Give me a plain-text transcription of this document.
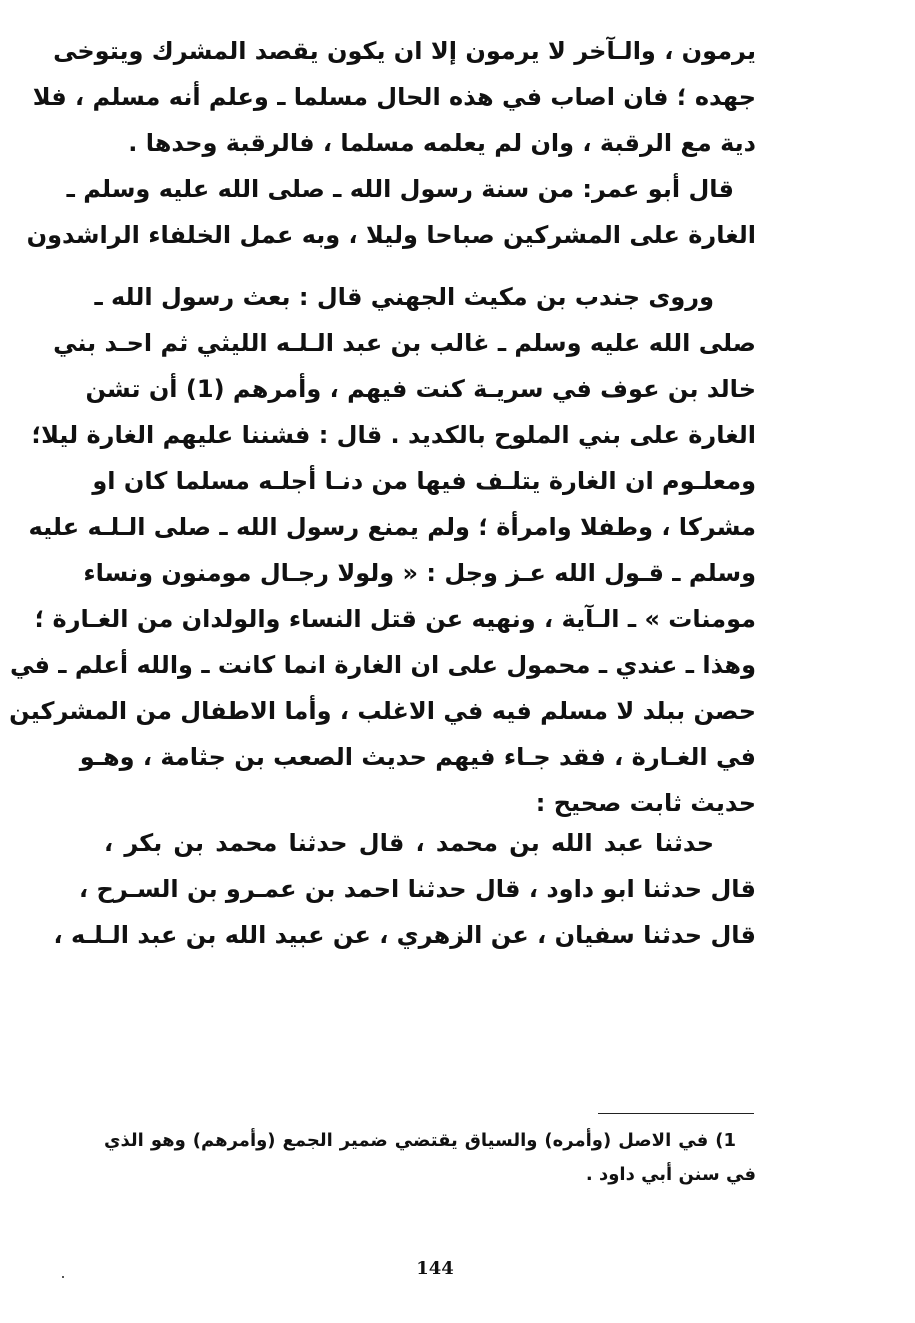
يرمون ، والـآخر لا يرمون إلا ان يكون يقصد المشرك ويتوخى
جهده ؛ فان اصاب في هذه الحال مسلما ـ وعلم أنه مسلم ، فلا
دية مع الرقبة ، وان لم يعلمه مسلما ، فالرقبة وحدها .
قال أبو عمر: من سنة رسول الله ـ صلى الله عليه وسلم ـ
الغارة على المشركين صباحا وليلا ، وبه عمل الخلفاء الراشدون
وروى جندب بن مكيث الجهني قال : بعث رسول الله ـ
صلى الله عليه وسلم ـ غالب بن عبد الـلـه الليثي ثم احـد بني
خالد بن عوف في سريـة كنت فيهم ، وأمرهم (1) أن تشن
الغارة على بني الملوح بالكديد . قال : فشننا عليهم الغارة ليلا؛
ومعلـوم ان الغارة يتلـف فيها من دنـا أجلـه مسلما كان او
مشركا ، وطفلا وامرأة ؛ ولم يمنع رسول الله ـ صلى الـلـه عليه
وسلم ـ قـول الله عـز وجل : « ولولا رجـال مومنون ونساء
مومنات » ـ الـآية ، ونهيه عن قتل النساء والولدان من الغـارة ؛
وهذا ـ عندي ـ محمول على ان الغارة انما كانت ـ والله أعلم ـ في
حصن ببلد لا مسلم فيه في الاغلب ، وأما الاطفال من المشركين
في الغـارة ، فقد جـاء فيهم حديث الصعب بن جثامة ، وهـو
حديث ثابت صحيح :
حدثنا عبد الله بن محمد ، قال حدثنا محمد بن بكر ،
قال حدثنا ابو داود ، قال حدثنا احمد بن عمـرو بن السـرح ،
قال حدثنا سفيان ، عن الزهري ، عن عبيد الله بن عبد الـلـه ،
1) في الاصل (وأمره) والسياق يقتضي ضمير الجمع (وأمرهم) وهو الذي
في سنن أبي داود .
144
